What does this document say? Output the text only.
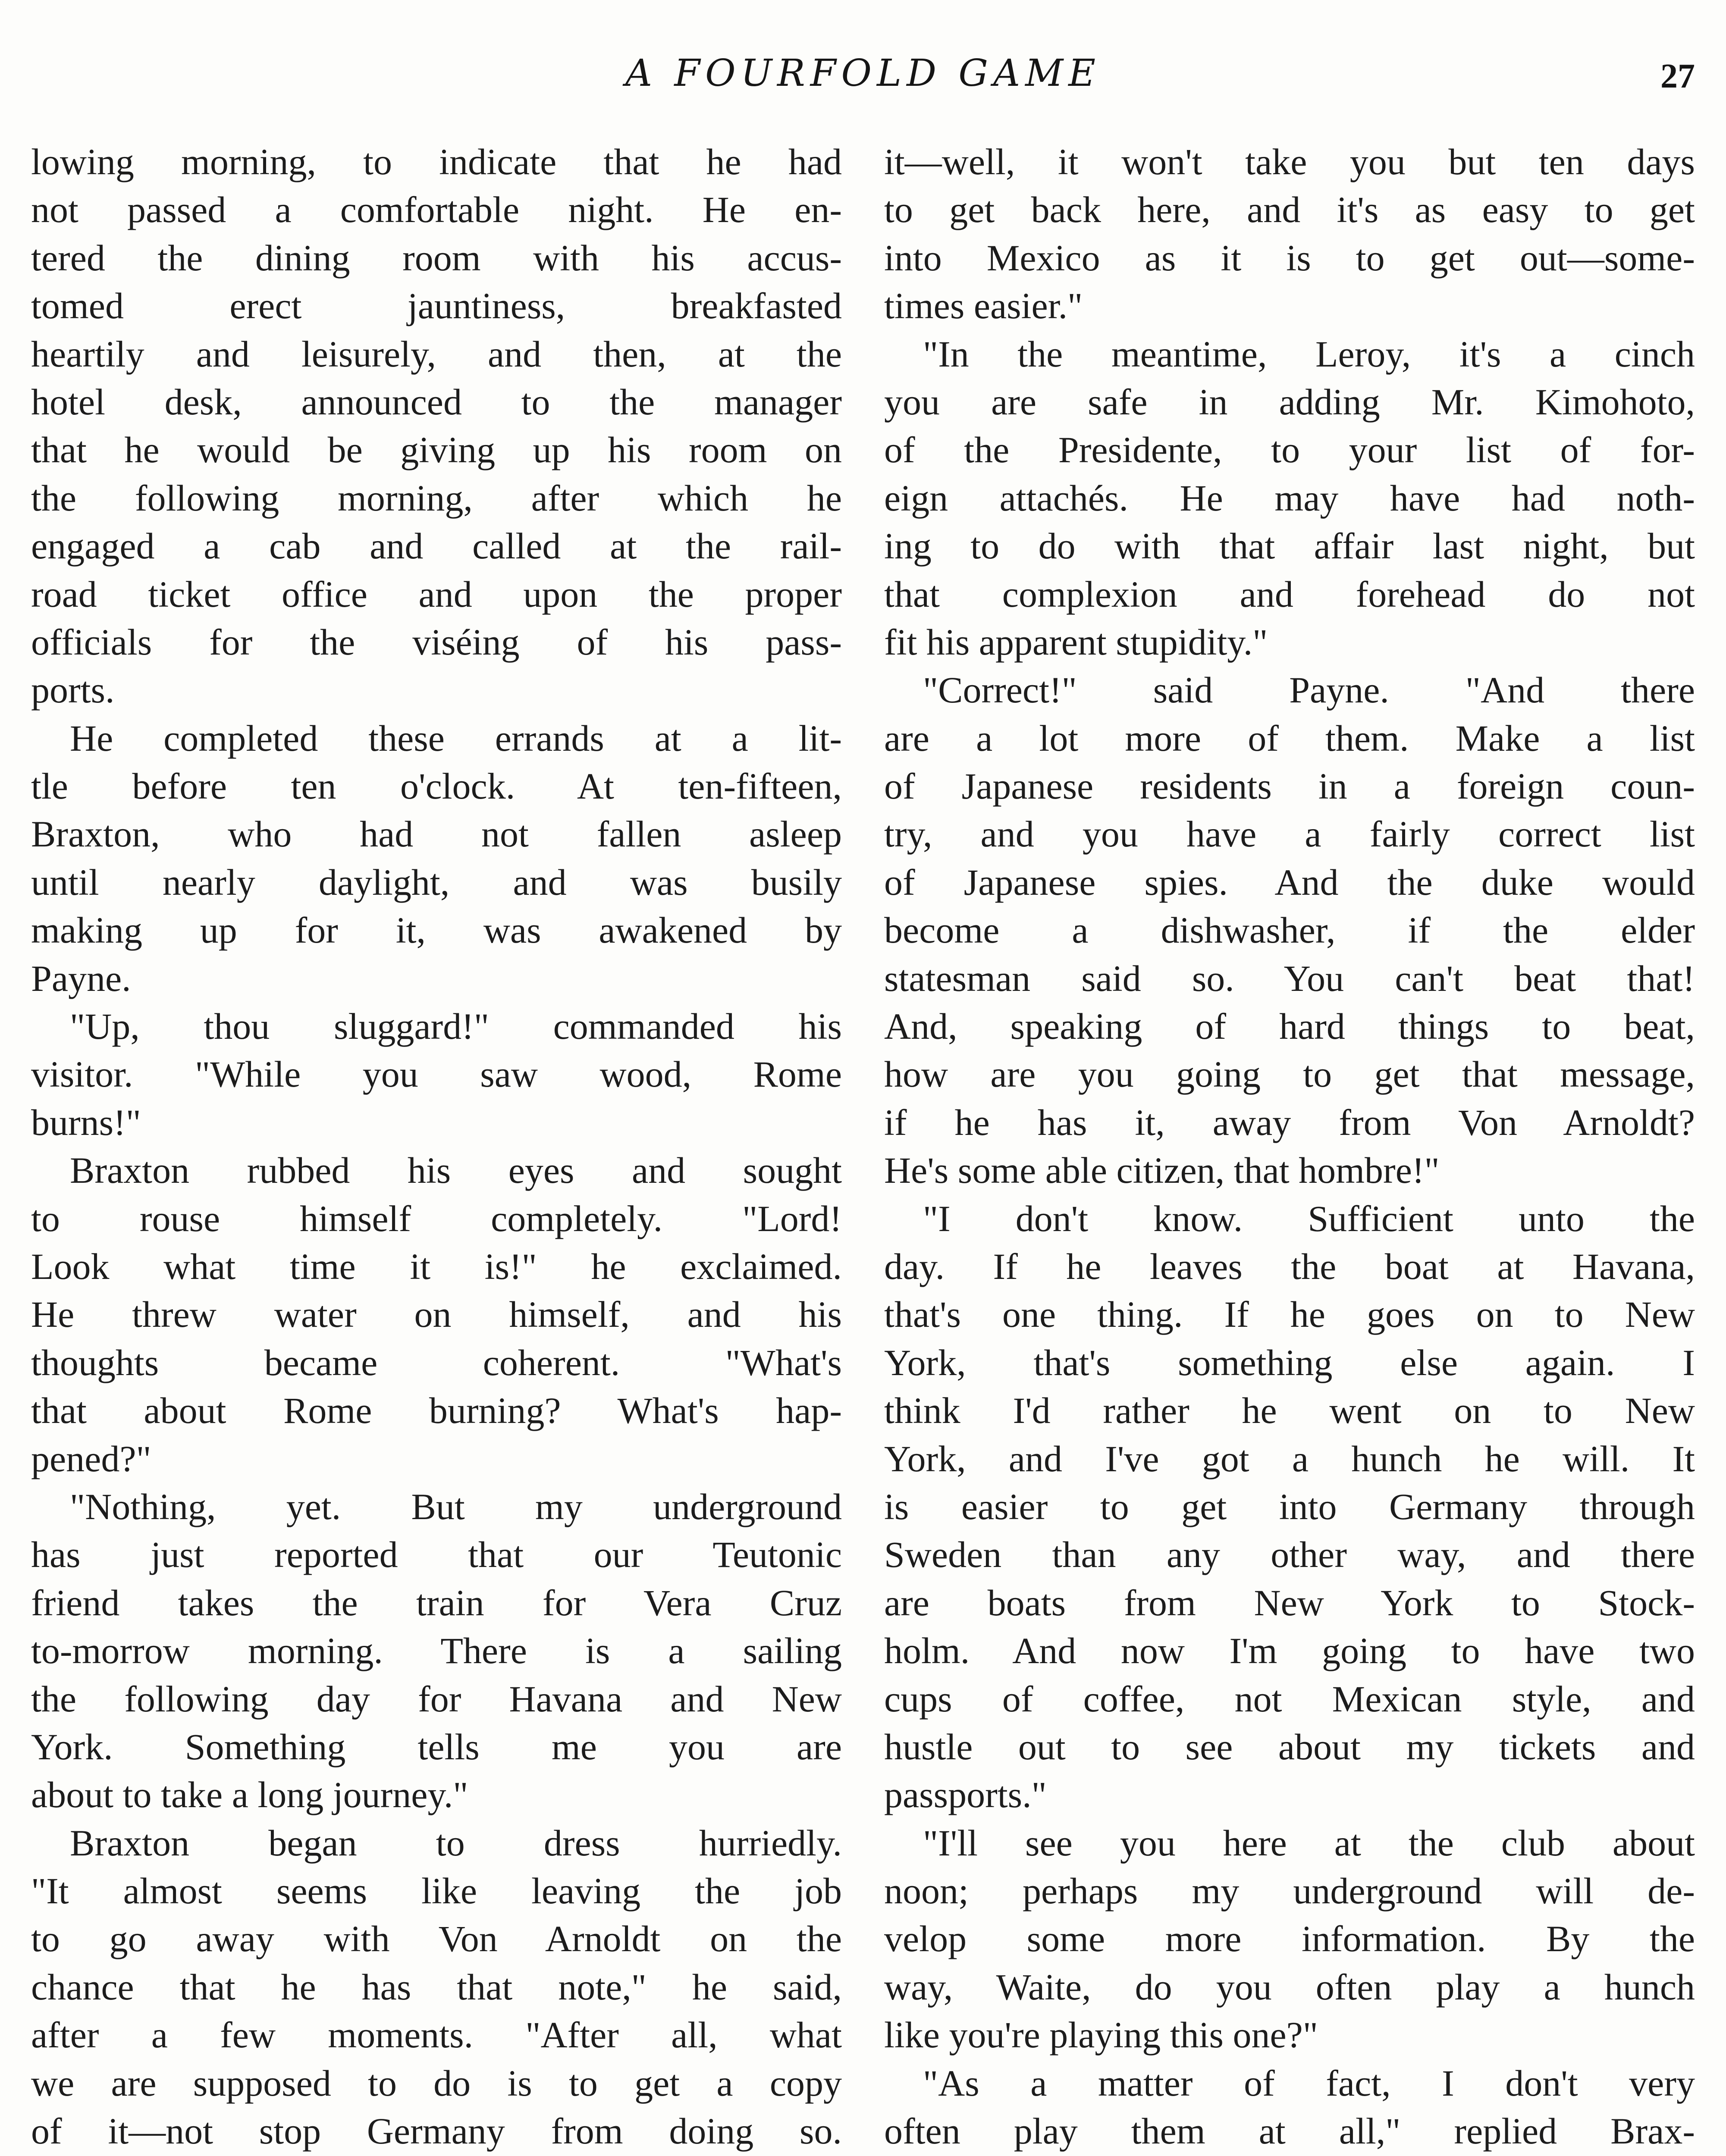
A FOURFOLD GAME	27
lowing morning, to indicate that he had
not passed a comfortable night. He en-
tered the dining room with his accus-
tomed erect jauntiness, breakfasted
heartily and leisurely, and then, at the
hotel desk, announced to the manager
that he would be giving up his room on
the following morning, after which he
engaged a cab and called at the rail-
road ticket office and upon the proper
officials for the viséing of his pass-
ports.
He completed these errands at a lit-
tle before ten o'clock. At ten-fifteen,
Braxton, who had not fallen asleep
until nearly daylight, and was busily
making up for it, was awakened by
Payne.
"Up, thou sluggard!" commanded his
visitor. "While you saw wood, Rome
burns!"
Braxton rubbed his eyes and sought
to rouse himself completely. "Lord!
Look what time it is!" he exclaimed.
He threw water on himself, and his
thoughts became coherent. "What's
that about Rome burning? What's hap-
pened?"
"Nothing, yet. But my underground
has just reported that our Teutonic
friend takes the train for Vera Cruz
to-morrow morning. There is a sailing
the following day for Havana and New
York. Something tells me you are
about to take a long journey."
Braxton began to dress hurriedly.
"It almost seems like leaving the job
to go away with Von Arnoldt on the
chance that he has that note," he said,
after a few moments. "After all, what
we are supposed to do is to get a copy
of it—not stop Germany from doing so.
it—well, it won't take you but ten days
to get back here, and it's as easy to get
into Mexico as it is to get out—some-
times easier."
"In the meantime, Leroy, it's a cinch
you are safe in adding Mr. Kimohoto,
of the Presidente, to your list of for-
eign attachés. He may have had noth-
ing to do with that affair last night, but
that complexion and forehead do not
fit his apparent stupidity."
"Correct!" said Payne. "And there
are a lot more of them. Make a list
of Japanese residents in a foreign coun-
try, and you have a fairly correct list
of Japanese spies. And the duke would
become a dishwasher, if the elder
statesman said so. You can't beat that!
And, speaking of hard things to beat,
how are you going to get that message,
if he has it, away from Von Arnoldt?
He's some able citizen, that hombre!"
"I don't know. Sufficient unto the
day. If he leaves the boat at Havana,
that's one thing. If he goes on to New
York, that's something else again. I
think I'd rather he went on to New
York, and I've got a hunch he will. It
is easier to get into Germany through
Sweden than any other way, and there
are boats from New York to Stock-
holm. And now I'm going to have two
cups of coffee, not Mexican style, and
hustle out to see about my tickets and
passports."
"I'll see you here at the club about
noon; perhaps my underground will de-
velop some more information. By the
way, Waite, do you often play a hunch
like you're playing this one?"
"As a matter of fact, I don't very
often play them at all," replied Brax-
